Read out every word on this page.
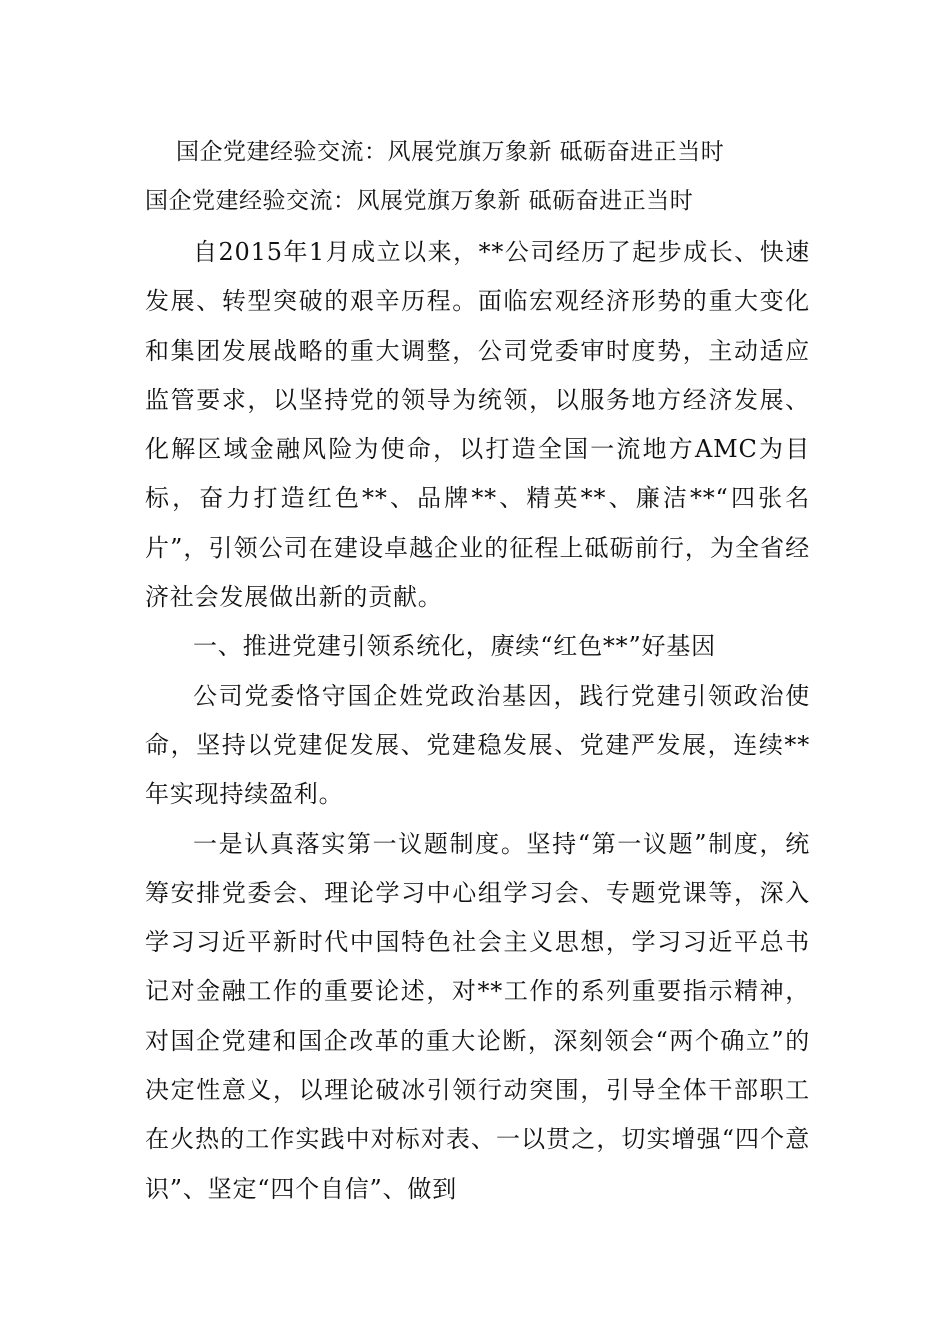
国企党建经验交流：风展党旗万象新 砥砺奋进正当时
国企党建经验交流：风展党旗万象新 砥砺奋进正当时

自2015年1月成立以来，**公司经历了起步成长、快速发展、转型突破的艰辛历程。面临宏观经济形势的重大变化和集团发展战略的重大调整，公司党委审时度势，主动适应监管要求，以坚持党的领导为统领，以服务地方经济发展、化解区域金融风险为使命，以打造全国一流地方AMC为目标，奋力打造红色**、品牌**、精英**、廉洁**“四张名片”，引领公司在建设卓越企业的征程上砥砺前行，为全省经济社会发展做出新的贡献。

一、推进党建引领系统化，赓续“红色**”好基因

公司党委恪守国企姓党政治基因，践行党建引领政治使命，坚持以党建促发展、党建稳发展、党建严发展，连续**年实现持续盈利。

一是认真落实第一议题制度。坚持“第一议题”制度，统筹安排党委会、理论学习中心组学习会、专题党课等，深入学习习近平新时代中国特色社会主义思想，学习习近平总书记对金融工作的重要论述，对**工作的系列重要指示精神，对国企党建和国企改革的重大论断，深刻领会“两个确立”的决定性意义，以理论破冰引领行动突围，引导全体干部职工在火热的工作实践中对标对表、一以贯之，切实增强“四个意识”、坚定“四个自信”、做到
